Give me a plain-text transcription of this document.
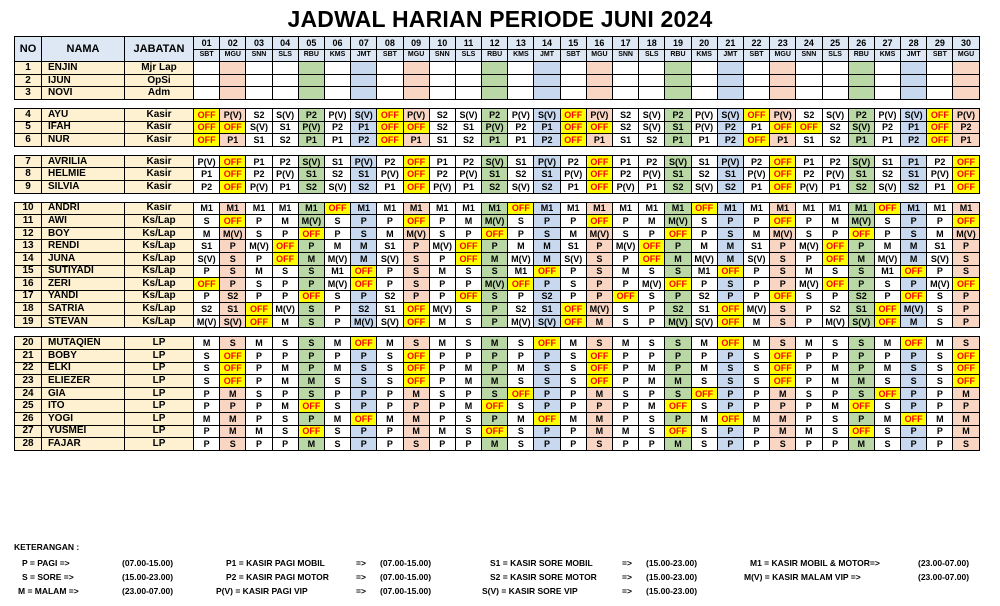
JADWAL HARIAN PERIODE JUNI 2024
NO	NAMA	JABATAN	01	02	03	04	05	06	07	08	09	10	11	12	13	14	15	16	17	18	19	20	21	22	23	24	25	26	27	28	29	30
			SBT	MGU	SNN	SLS	RBU	KMS	JMT	SBT	MGU	SNN	SLS	RBU	KMS	JMT	SBT	MGU	SNN	SLS	RBU	KMS	JMT	SBT	MGU	SNN	SLS	RBU	KMS	JMT	SBT	MGU
1	ENJIN	Mjr Lap																														
2	IJUN	OpSi																														
3	NOVI	Adm																														

4	AYU	Kasir	OFF	P(V)	S2	S(V)	P2	P(V)	S(V)	OFF	P(V)	S2	S(V)	P2	P(V)	S(V)	OFF	P(V)	S2	S(V)	P2	P(V)	S(V)	OFF	P(V)	S2	S(V)	P2	P(V)	S(V)	OFF	P(V)
5	IFAH	Kasir	OFF	OFF	S(V)	S1	P(V)	P2	P1	OFF	OFF	S2	S1	P(V)	P2	P1	OFF	OFF	S2	S(V)	S1	P(V)	P2	P1	OFF	OFF	S2	S(V)	P2	P1	OFF	P2
6	NUR	Kasir	OFF	P1	S1	S2	P1	P1	P2	OFF	P1	S1	S2	P1	P1	P2	OFF	P1	S1	S2	P1	P1	P2	OFF	P1	S1	S2	P1	P1	P2	OFF	P1

7	AVRILIA	Kasir	P(V)	OFF	P1	P2	S(V)	S1	P(V)	P2	OFF	P1	P2	S(V)	S1	P(V)	P2	OFF	P1	P2	S(V)	S1	P(V)	P2	OFF	P1	P2	S(V)	S1	P1	P2	OFF
8	HELMIE	Kasir	P1	OFF	P2	P(V)	S1	S2	S1	P(V)	OFF	P2	P(V)	S1	S2	S1	P(V)	OFF	P2	P(V)	S1	S2	S1	P(V)	OFF	P2	P(V)	S1	S2	S1	P(V)	OFF
9	SILVIA	Kasir	P2	OFF	P(V)	P1	S2	S(V)	S2	P1	OFF	P(V)	P1	S2	S(V)	S2	P1	OFF	P(V)	P1	S2	S(V)	S2	P1	OFF	P(V)	P1	S2	S(V)	S2	P1	OFF

10	ANDRI	Kasir	M1	M1	M1	M1	M1	OFF	M1	M1	M1	M1	M1	M1	OFF	M1	M1	M1	M1	M1	M1	OFF	M1	M1	M1	M1	M1	M1	OFF	M1	M1	M1
11	AWI	Ks/Lap	S	OFF	P	M	M(V)	S	P	P	OFF	P	M	M(V)	S	P	P	OFF	P	M	M(V)	S	P	P	OFF	P	M	M(V)	S	P	P	OFF
12	BOY	Ks/Lap	M	M(V)	S	P	OFF	P	S	M	M(V)	S	P	OFF	P	S	M	M(V)	S	P	OFF	P	S	M	M(V)	S	P	OFF	P	S	M	M(V)
13	RENDI	Ks/Lap	S1	P	M(V)	OFF	P	M	M	S1	P	M(V)	OFF	P	M	M	S1	P	M(V)	OFF	P	M	M	S1	P	M(V)	OFF	P	M	M	S1	P
14	JUNA	Ks/Lap	S(V)	S	P	OFF	M	M(V)	M	S(V)	S	P	OFF	M	M(V)	M	S(V)	S	P	OFF	M	M(V)	M	S(V)	S	P	OFF	M	M(V)	M	S(V)	S
15	SUTIYADI	Ks/Lap	P	S	M	S	S	M1	OFF	P	S	M	S	S	M1	OFF	P	S	M	S	S	M1	OFF	P	S	M	S	S	M1	OFF	P	S
16	ZERI	Ks/Lap	OFF	P	S	P	P	M(V)	OFF	P	S	P	P	M(V)	OFF	P	S	P	P	M(V)	OFF	P	S	P	P	M(V)	OFF	P	S	P	M(V)	OFF
17	YANDI	Ks/Lap	P	S2	P	P	OFF	S	P	S2	P	P	OFF	S	P	S2	P	P	OFF	S	P	S2	P	P	OFF	S	P	S2	P	OFF	S	P
18	SATRIA	Ks/Lap	S2	S1	OFF	M(V)	S	P	S2	S1	OFF	M(V)	S	P	S2	S1	OFF	M(V)	S	P	S2	S1	OFF	M(V)	S	P	S2	S1	OFF	M(V)	S	P
19	STEVAN	Ks/Lap	M(V)	S(V)	OFF	M	S	P	M(V)	S(V)	OFF	M	S	P	M(V)	S(V)	OFF	M	S	P	M(V)	S(V)	OFF	M	S	P	M(V)	S(V)	OFF	M	S	P

20	MUTAQIEN	LP	M	S	M	S	S	M	OFF	M	S	M	S	M	S	OFF	M	S	M	S	S	M	OFF	M	S	M	S	S	M	OFF	M	S
21	BOBY	LP	S	OFF	P	P	P	P	P	S	OFF	P	P	P	P	P	S	OFF	P	P	P	P	P	S	OFF	P	P	P	P	P	S	OFF
22	ELKI	LP	S	OFF	P	M	P	M	S	S	OFF	P	M	P	M	S	S	OFF	P	M	P	M	S	S	OFF	P	M	P	M	S	S	OFF
23	ELIEZER	LP	S	OFF	P	M	M	S	S	S	OFF	P	M	M	S	S	S	OFF	P	M	M	S	S	S	OFF	P	M	M	S	S	S	OFF
24	GIA	LP	P	M	S	P	S	P	P	P	M	S	P	S	OFF	P	P	M	S	P	S	OFF	P	P	M	S	P	S	OFF	P	P	M
25	ITO	LP	P	P	P	M	OFF	S	P	P	P	P	M	OFF	S	P	P	P	P	M	OFF	S	P	P	P	P	M	OFF	S	P	P	P
26	YOGI	LP	M	M	P	S	P	M	OFF	M	M	P	S	P	M	OFF	M	M	P	S	P	M	OFF	M	M	P	S	P	M	OFF	M	M
27	YUSMEI	LP	P	M	M	S	OFF	S	P	P	M	M	S	OFF	S	P	P	M	M	S	OFF	S	P	P	M	M	S	OFF	S	P	P	M
28	FAJAR	LP	P	S	P	P	M	S	P	P	S	P	P	M	S	P	P	S	P	P	M	S	P	P	S	P	P	M	S	P	P	S
KETERANGAN :
P = PAGI =>	(07.00-15.00)
S = SORE =>	(15.00-23.00)
M = MALAM =>	(23.00-07.00)
P1 = KASIR PAGI MOBIL	=> (07.00-15.00)
P2 = KASIR PAGI MOTOR	=> (07.00-15.00)
P(V) = KASIR PAGI VIP	=> (07.00-15.00)
S1 = KASIR SORE MOBIL	=> (15.00-23.00)
S2 = KASIR SORE MOTOR	=> (15.00-23.00)
S(V) = KASIR SORE VIP	=> (15.00-23.00)
M1 = KASIR MOBIL & MOTOR=>	(23.00-07.00)
M(V) = KASIR MALAM VIP =>	(23.00-07.00)
